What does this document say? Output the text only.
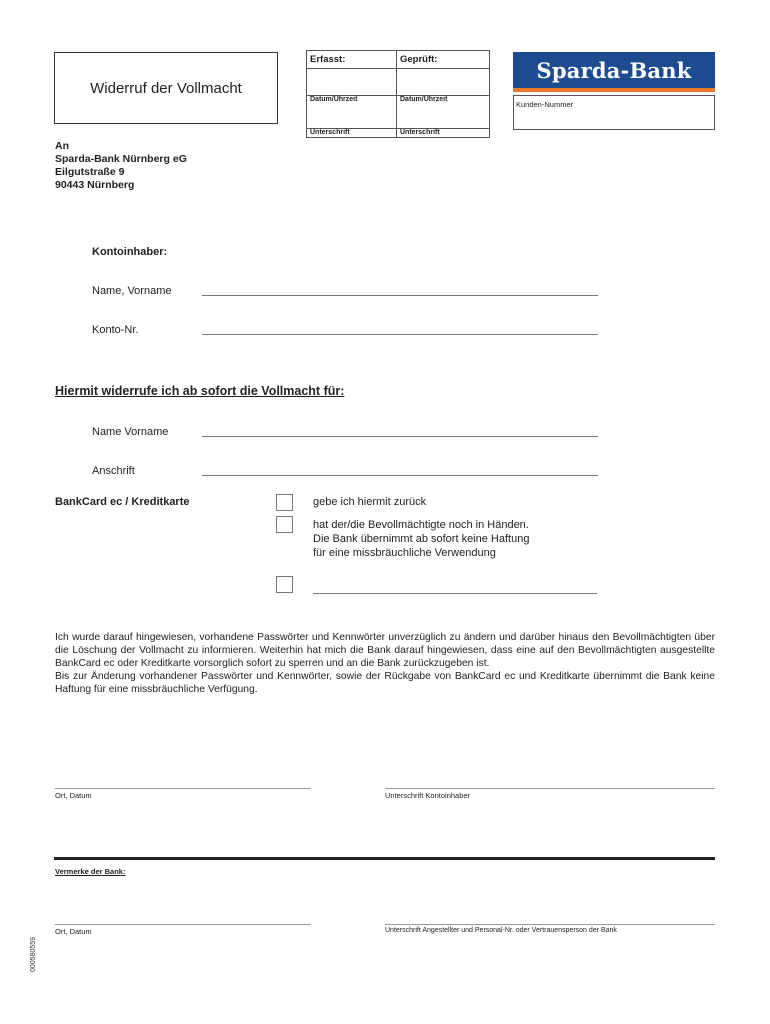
Widerruf der Vollmacht
Erfasst:	Geprüft:
Datum/Uhrzeit	Datum/Uhrzeit
Unterschrift	Unterschrift
Sparda-Bank
Kunden-Nummer
An
Sparda-Bank Nürnberg eG
Eilgutstraße 9
90443 Nürnberg
Kontoinhaber:
Name, Vorname
Konto-Nr.
Hiermit widerrufe ich ab sofort die Vollmacht für:
Name Vorname
Anschrift
BankCard ec / Kreditkarte	gebe ich hiermit zurück
hat der/die Bevollmächtigte noch in Händen.
Die Bank übernimmt ab sofort keine Haftung
für eine missbräuchliche Verwendung

Ich wurde darauf hingewiesen, vorhandene Passwörter und Kennwörter unverzüglich zu ändern und darüber hinaus den Bevollmächtigten über die Löschung der Vollmacht zu informieren. Weiterhin hat mich die Bank darauf hingewiesen, dass eine auf den Bevollmächtigten ausgestellte BankCard ec oder Kreditkarte vorsorglich sofort zu sperren und an die Bank zurückzugeben ist.

Bis zur Änderung vorhandener Passwörter und Kennwörter, sowie der Rückgabe von BankCard ec und Kreditkarte übernimmt die Bank keine Haftung für eine missbräuchliche Verfügung.

Ort, Datum	Unterschrift Kontoinhaber
Vermerke der Bank:
Ort, Datum	Unterschrift Angestellter und Personal-Nr. oder Vertrauensperson der Bank
000580559
